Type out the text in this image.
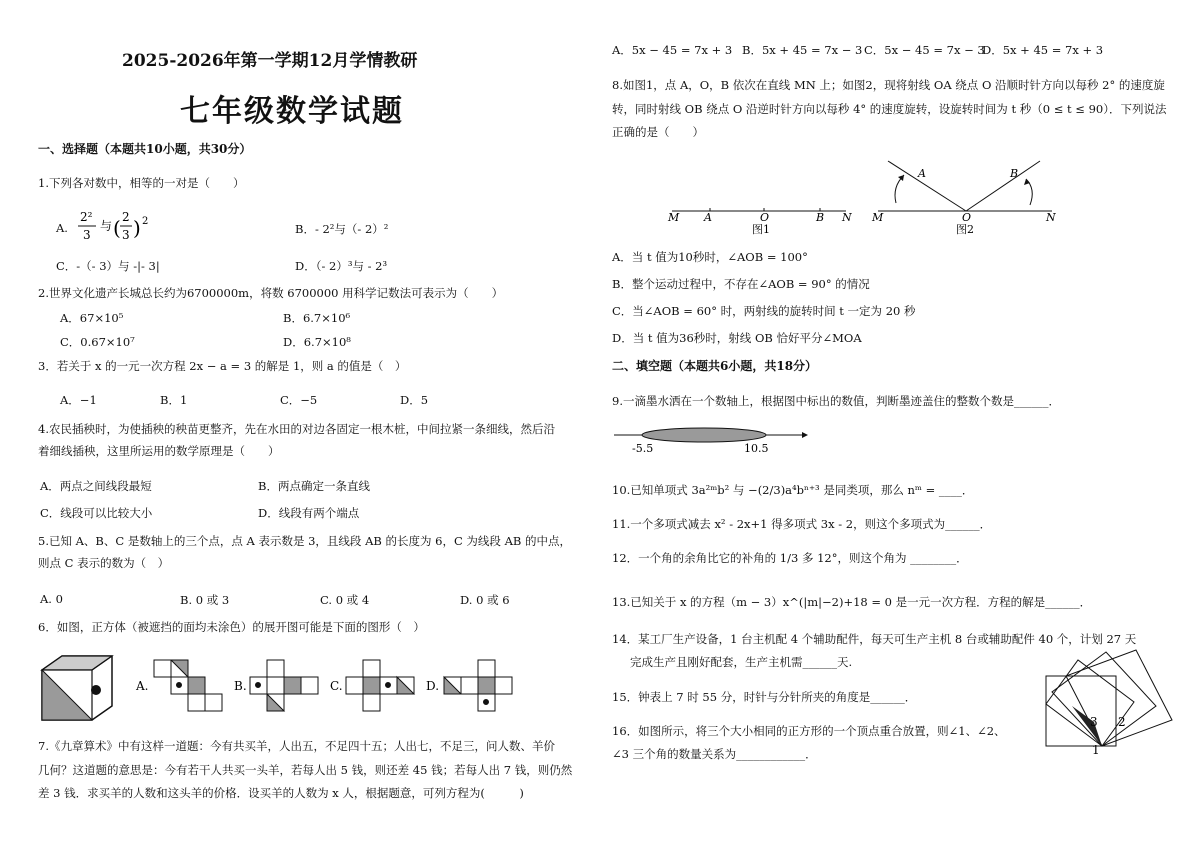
2025-2026年第一学期12月学情教研
七年级数学试题
一、选择题（本题共10小题，共30分）
1.下列各对数中，相等的一对是（　　）
A.
2²
3
与 ( 2
3 ) 2
B．- 2²与（- 2）²
C．-（- 3）与 -|- 3|	D．（- 2）³与 - 2³
2.世界文化遗产长城总长约为6700000m，将数 6700000 用科学记数法可表示为（　　）
A．67×10⁵	B．6.7×10⁶
C．0.67×10⁷	D．6.7×10⁸
3．若关于 x 的一元一次方程 2x − a = 3 的解是 1，则 a 的值是（　）
A．−1	B．1	C．−5	D．5
4.农民插秧时，为使插秧的秧苗更整齐，先在水田的对边各固定一根木桩，中间拉紧一条细线，然后沿
着细线插秧，这里所运用的数学原理是（　　）
A．两点之间线段最短	B．两点确定一条直线
C．线段可以比较大小	D．线段有两个端点
5.已知 A、B、C 是数轴上的三个点，点 A 表示数是 3，且线段 AB 的长度为 6，C 为线段 AB 的中点，
则点 C 表示的数为（　）
A. 0	B. 0 或 3	C. 0 或 4	D. 0 或 6
6．如图，正方体（被遮挡的面均未涂色）的展开图可能是下面的图形（　）
A.	B.	C.	D.
7.《九章算术》中有这样一道题：今有共买羊，人出五，不足四十五；人出七，不足三，问人数、羊价
几何？这道题的意思是：今有若干人共买一头羊，若每人出 5 钱，则还差 45 钱；若每人出 7 钱，则仍然
差 3 钱．求买羊的人数和这头羊的价格．设买羊的人数为 x 人，根据题意，可列方程为(　　　)
A．5x − 45 = 7x + 3 B．5x + 45 = 7x − 3 C．5x − 45 = 7x − 3
D．5x + 45 = 7x + 3
8.如图1，点 A，O，B 依次在直线 MN 上；如图2，现将射线 OA 绕点 O 沿顺时针方向以每秒 2° 的速度旋
转，同时射线 OB 绕点 O 沿逆时针方向以每秒 4° 的速度旋转，设旋转时间为 t 秒（0 ≤ t ≤ 90）．下列说法
正确的是（　　）
M A	O	B N
图1
M
A
O
B
N
图2
A．当 t 值为10秒时，∠AOB = 100°
B．整个运动过程中，不存在∠AOB = 90° 的情况
C．当∠AOB = 60° 时，两射线的旋转时间 t 一定为 20 秒
D．当 t 值为36秒时，射线 OB 恰好平分∠MOA
二、填空题（本题共6小题，共18分）
9.一滴墨水洒在一个数轴上，根据图中标出的数值，判断墨迹盖住的整数个数是______．
-5.5	10.5
10.已知单项式 3a²ᵐb² 与 −(2/3)a⁴bⁿ⁺³ 是同类项，那么 nᵐ = ____．
11.一个多项式减去 x² - 2x+1 得多项式 3x - 2，则这个多项式为______．
12．一个角的余角比它的补角的 1/3 多 12°，则这个角为 ________．
13.已知关于 x 的方程（m − 3）x^(|m|−2)+18 = 0 是一元一次方程．方程的解是______．
14．某工厂生产设备，1 台主机配 4 个辅助配件，每天可生产主机 8 台或辅助配件 40 个，计划 27 天
完成生产且刚好配套，生产主机需______天.
15．钟表上 7 时 55 分，时针与分针所夹的角度是______．
16．如图所示，将三个大小相同的正方形的一个顶点重合放置，则∠1、∠2、
∠3 三个角的数量关系为____________．	1
2
3
